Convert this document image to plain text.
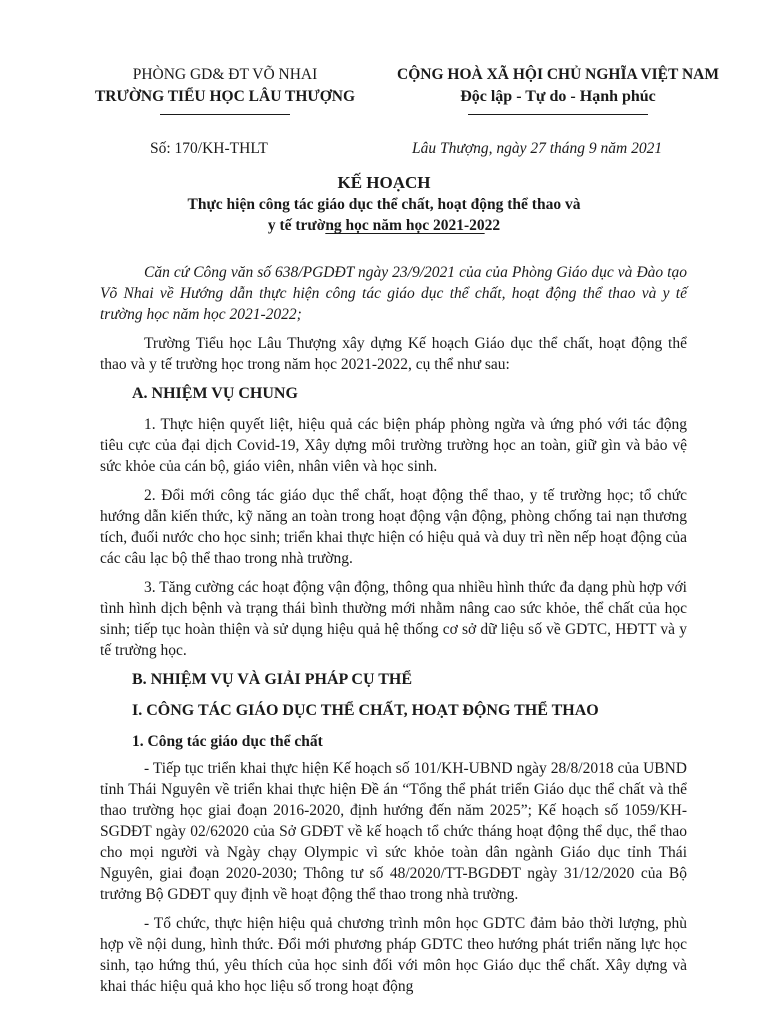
PHÒNG GD& ĐT VÕ NHAI
TRƯỜNG TIỂU HỌC LÂU THƯỢNG
CỘNG HOÀ XÃ HỘI CHỦ NGHĨA VIỆT NAM
Độc lập - Tự do - Hạnh phúc
Số: 170/KH-THLT	Lâu Thượng, ngày 27 tháng 9 năm 2021
KẾ HOẠCH
Thực hiện công tác giáo dục thể chất, hoạt động thể thao và
y tế trường học năm học 2021-2022

Căn cứ Công văn số 638/PGDĐT ngày 23/9/2021 của của Phòng Giáo dục và Đào tạo Võ Nhai về Hướng dẫn thực hiện công tác giáo dục thể chất, hoạt động thể thao và y tế trường học năm học 2021-2022;

Trường Tiểu học Lâu Thượng xây dựng Kế hoạch Giáo dục thể chất, hoạt động thể thao và y tế trường học trong năm học 2021-2022, cụ thể như sau:

A. NHIỆM VỤ CHUNG

1. Thực hiện quyết liệt, hiệu quả các biện pháp phòng ngừa và ứng phó với tác động tiêu cực của đại dịch Covid-19, Xây dựng môi trường trường học an toàn, giữ gìn và bảo vệ sức khỏe của cán bộ, giáo viên, nhân viên và học sinh.

2. Đổi mới công tác giáo dục thể chất, hoạt động thể thao, y tế trường học; tổ chức hướng dẫn kiến thức, kỹ năng an toàn trong hoạt động vận động, phòng chống tai nạn thương tích, đuối nước cho học sinh; triển khai thực hiện có hiệu quả và duy trì nền nếp hoạt động của các câu lạc bộ thể thao trong nhà trường.

3. Tăng cường các hoạt động vận động, thông qua nhiều hình thức đa dạng phù hợp với tình hình dịch bệnh và trạng thái bình thường mới nhằm nâng cao sức khỏe, thể chất của học sinh; tiếp tục hoàn thiện và sử dụng hiệu quả hệ thống cơ sở dữ liệu số về GDTC, HĐTT và y tế trường học.

B. NHIỆM VỤ VÀ GIẢI PHÁP CỤ THỂ
I. CÔNG TÁC GIÁO DỤC THỂ CHẤT, HOẠT ĐỘNG THỂ THAO
1. Công tác giáo dục thể chất

- Tiếp tục triển khai thực hiện Kế hoạch số 101/KH-UBND ngày 28/8/2018 của UBND tỉnh Thái Nguyên về triển khai thực hiện Đề án “Tổng thể phát triển Giáo dục thể chất và thể thao trường học giai đoạn 2016-2020, định hướng đến năm 2025”; Kế hoạch số 1059/KH-SGDĐT ngày 02/62020 của Sở GDĐT về kế hoạch tổ chức tháng hoạt động thể dục, thể thao cho mọi người và Ngày chạy Olympic vì sức khỏe toàn dân ngành Giáo dục tỉnh Thái Nguyên, giai đoạn 2020-2030; Thông tư số 48/2020/TT-BGDĐT ngày 31/12/2020 của Bộ trưởng Bộ GDĐT quy định về hoạt động thể thao trong nhà trường.

- Tổ chức, thực hiện hiệu quả chương trình môn học GDTC đảm bảo thời lượng, phù hợp về nội dung, hình thức. Đổi mới phương pháp GDTC theo hướng phát triển năng lực học sinh, tạo hứng thú, yêu thích của học sinh đối với môn học Giáo dục thể chất. Xây dựng và khai thác hiệu quả kho học liệu số trong hoạt động
